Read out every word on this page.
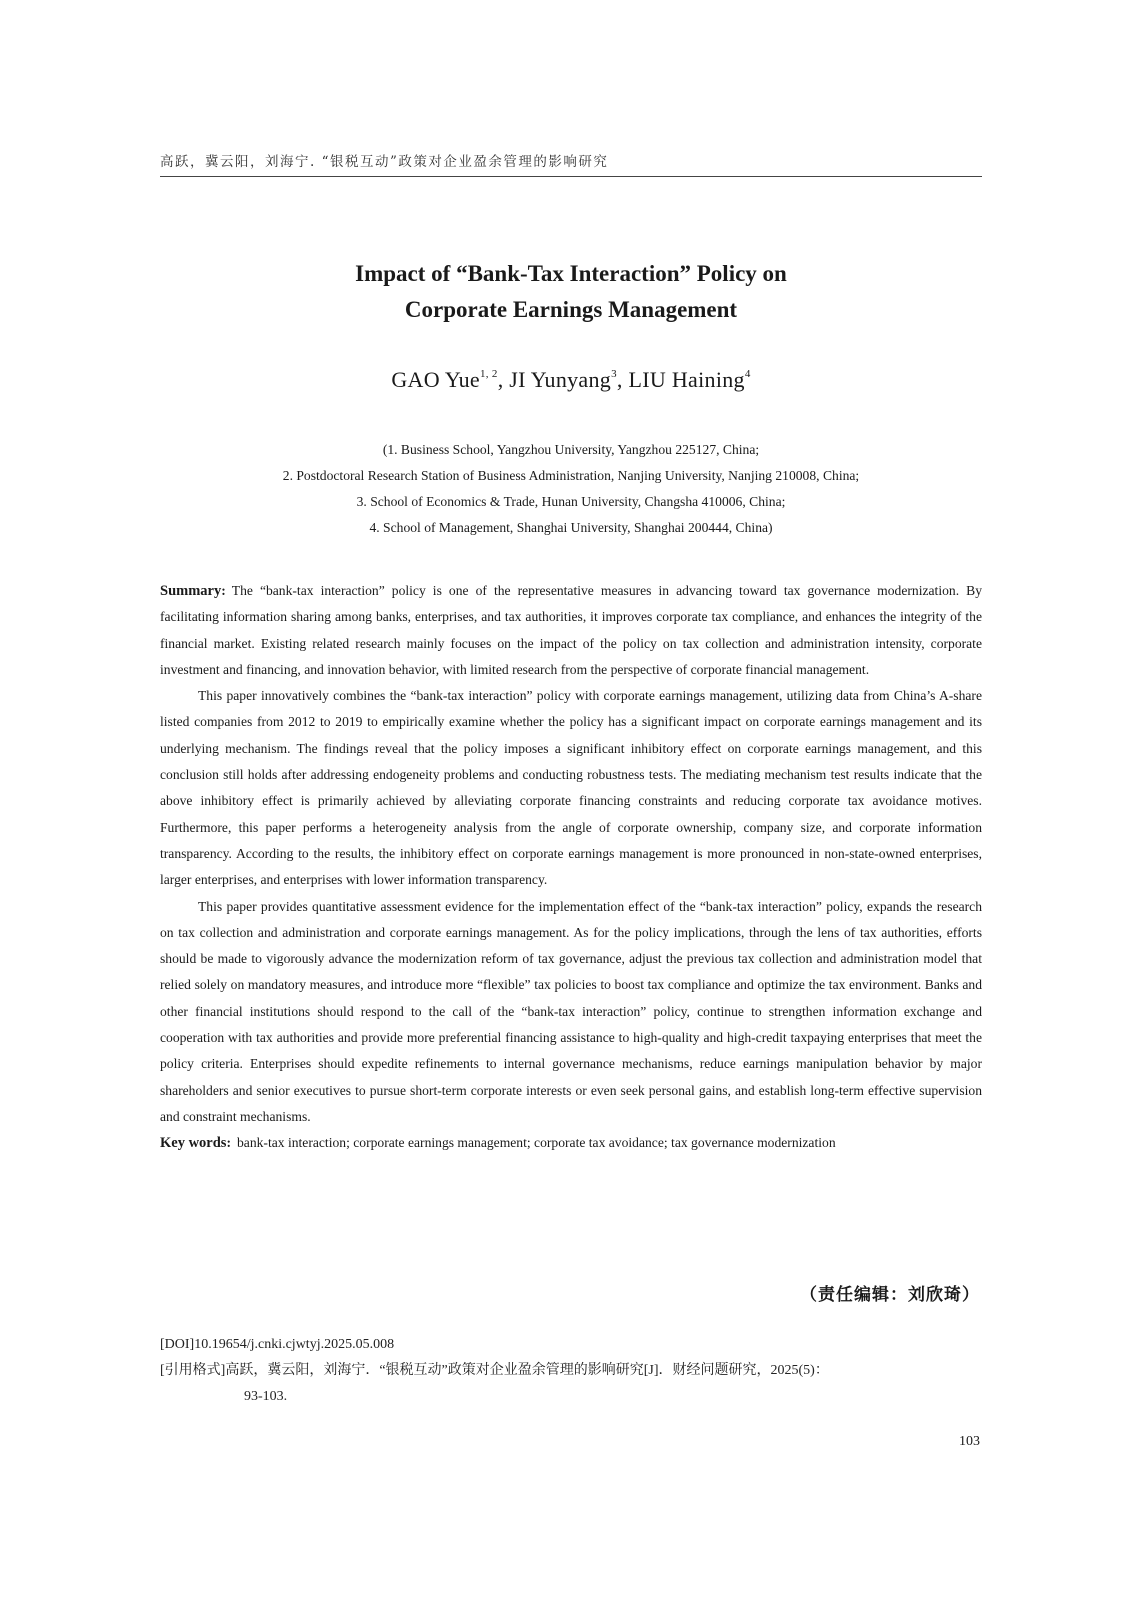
高跃，冀云阳，刘海宁. “银税互动”政策对企业盈余管理的影响研究
Impact of “Bank-Tax Interaction” Policy on
Corporate Earnings Management
GAO Yue$^{1, 2}$, JI Yunyang$^3$, LIU Haining$^4$
(1. Business School, Yangzhou University, Yangzhou 225127, China;
2. Postdoctoral Research Station of Business Administration, Nanjing University, Nanjing 210008, China;
3. School of Economics & Trade, Hunan University, Changsha 410006, China;
4. School of Management, Shanghai University, Shanghai 200444, China)

Summary: The “bank-tax interaction” policy is one of the representative measures in advancing toward tax governance modernization. By facilitating information sharing among banks, enterprises, and tax authorities, it improves corporate tax compliance, and enhances the integrity of the financial market. Existing related research mainly focuses on the impact of the policy on tax collection and administration intensity, corporate investment and financing, and innovation behavior, with limited research from the perspective of corporate financial management.

This paper innovatively combines the “bank-tax interaction” policy with corporate earnings management, utilizing data from China’s A-share listed companies from 2012 to 2019 to empirically examine whether the policy has a significant impact on corporate earnings management and its underlying mechanism. The findings reveal that the policy imposes a significant inhibitory effect on corporate earnings management, and this conclusion still holds after addressing endogeneity problems and conducting robustness tests. The mediating mechanism test results indicate that the above inhibitory effect is primarily achieved by alleviating corporate financing constraints and reducing corporate tax avoidance motives. Furthermore, this paper performs a heterogeneity analysis from the angle of corporate ownership, company size, and corporate information transparency. According to the results, the inhibitory effect on corporate earnings management is more pronounced in non-state-owned enterprises, larger enterprises, and enterprises with lower information transparency.

This paper provides quantitative assessment evidence for the implementation effect of the “bank-tax interaction” policy, expands the research on tax collection and administration and corporate earnings management. As for the policy implications, through the lens of tax authorities, efforts should be made to vigorously advance the modernization reform of tax governance, adjust the previous tax collection and administration model that relied solely on mandatory measures, and introduce more “flexible” tax policies to boost tax compliance and optimize the tax environment. Banks and other financial institutions should respond to the call of the “bank-tax interaction” policy, continue to strengthen information exchange and cooperation with tax authorities and provide more preferential financing assistance to high-quality and high-credit taxpaying enterprises that meet the policy criteria. Enterprises should expedite refinements to internal governance mechanisms, reduce earnings manipulation behavior by major shareholders and senior executives to pursue short-term corporate interests or even seek personal gains, and establish long-term effective supervision and constraint mechanisms.

Key words: bank-tax interaction; corporate earnings management; corporate tax avoidance; tax governance modernization

（责任编辑：刘欣琦）
[DOI]10.19654/j.cnki.cjwtyj.2025.05.008
[引用格式]高跃，冀云阳，刘海宁．“银税互动”政策对企业盈余管理的影响研究[J]．财经问题研究，2025(5)：
93-103.
103
